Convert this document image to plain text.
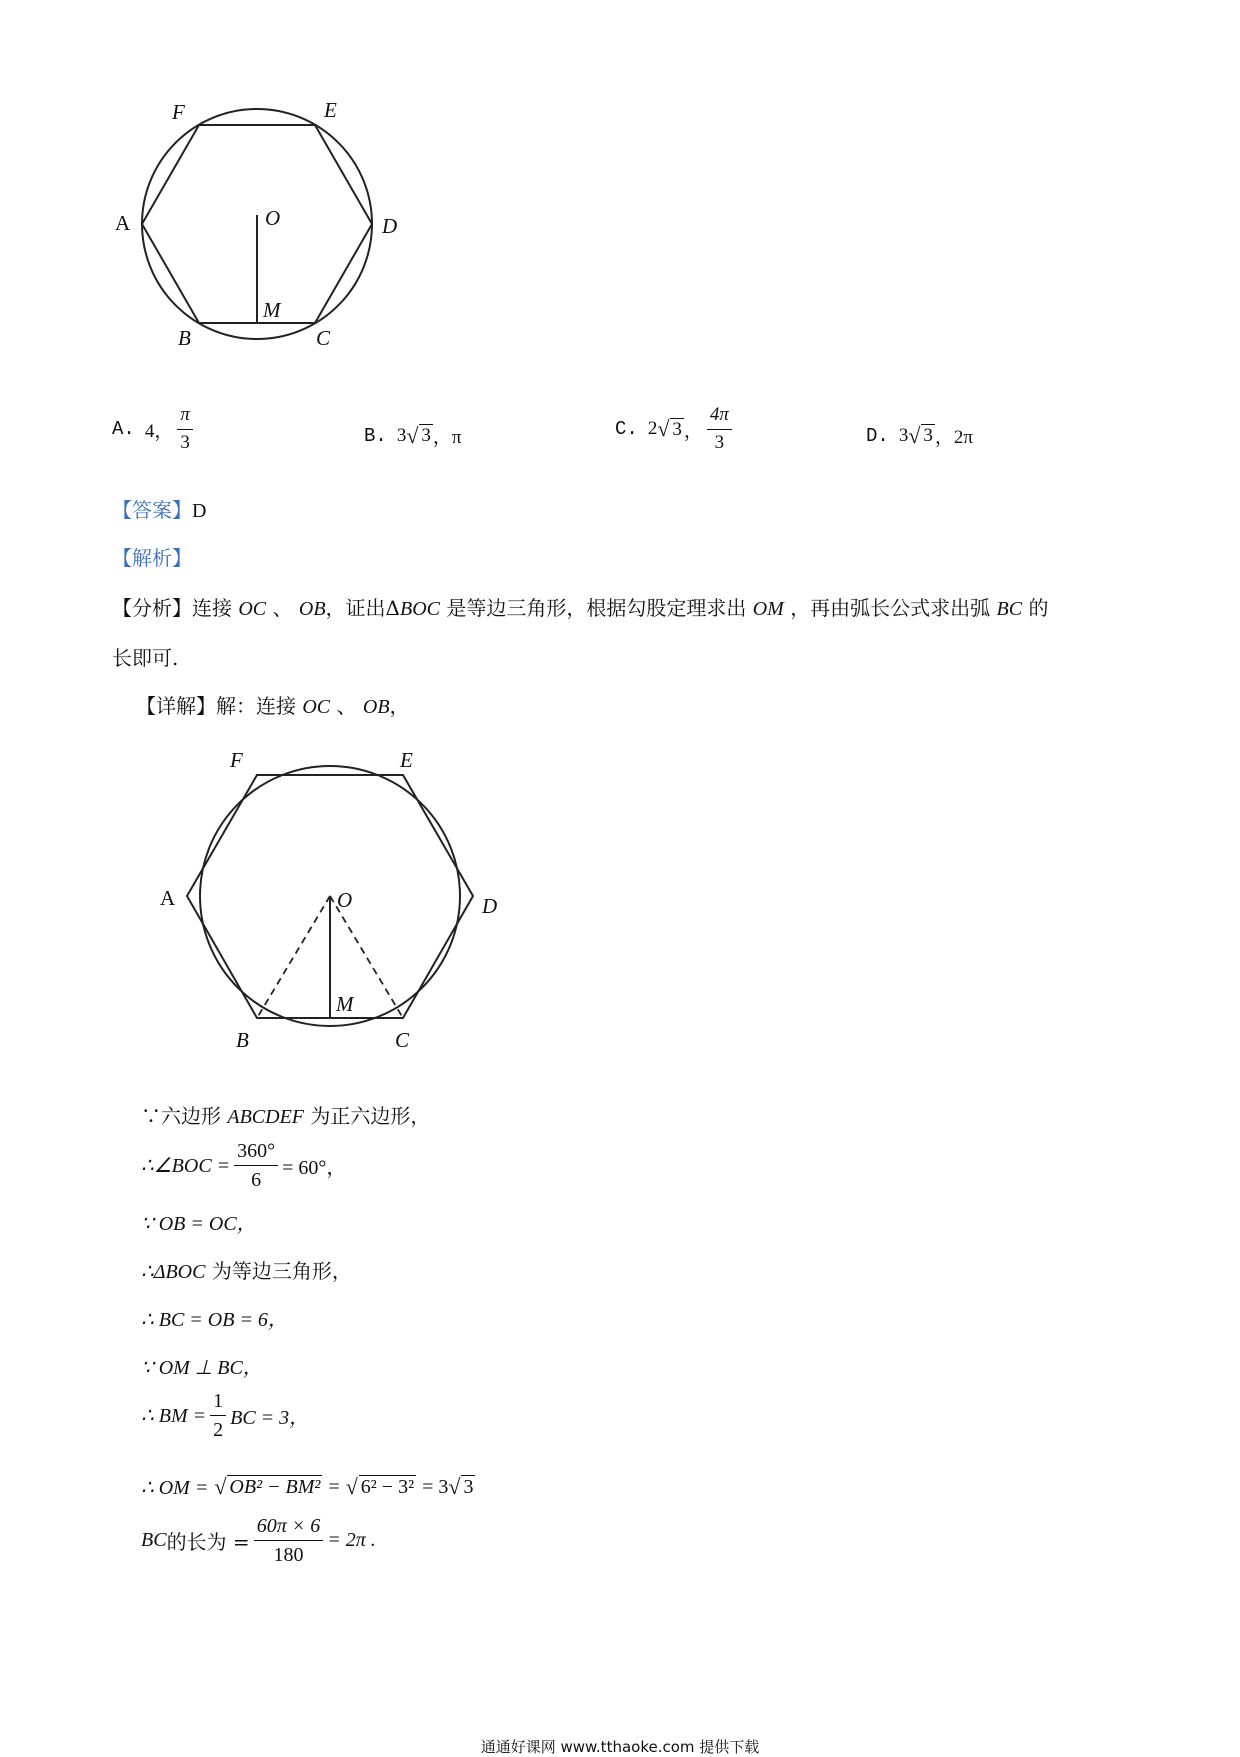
F	E
A	O	D
M
B	C
A. 4， $\frac{\pi}{3}$	B. 3 √ 3 ，π	C. 2 √ 3 ， $\frac{4\pi}{3}$	D. 3 √ 3 ，2π
【答案】D
【解析】
【分析】连接 OC 、 OB，证出ΔBOC 是等边三角形，根据勾股定理求出 OM ，再由弧长公式求出弧 BC 的
长即可.
【详解】解：连接 OC 、 OB，
F	E
A	O	D
M
B	C
∵六边形 ABCDEF 为正六边形，
∴∠BOC = $\frac{360^\circ}{6} = 60^\circ$，
∵ OB = OC，
∴ΔBOC 为等边三角形，
∴ BC = OB = 6，
∵ OM ⊥ BC，
∴ BM = $\frac{1}{2}$ BC = 3，
∴ OM = √ OB² − BM² = √ 6² − 3² = 3 √ 3
BC 的长为 = $\frac{60\pi \times 6}{180} = 2\pi$ .
通通好课网 www.tthaoke.com 提供下载
